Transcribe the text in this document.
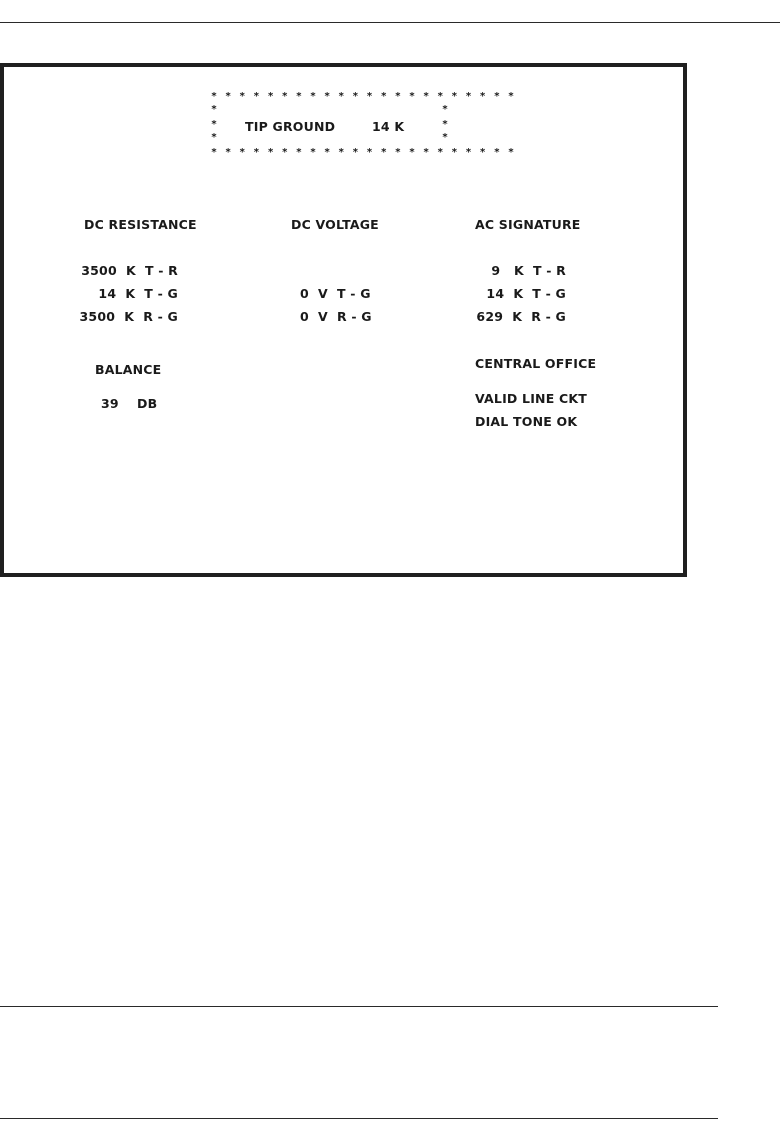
* * * * * * * * * * * * * * * * * * * * * *
*
*
*
*
*
*
* * * * * * * * * * * * * * * * * * * * * *
TIP GROUND	14 K
DC RESISTANCE
3500  K  T - R
14  K  T - G
3500  K  R - G
DC VOLTAGE
0  V  T - G
0  V  R - G
AC SIGNATURE
9   K  T - R
14  K  T - G
629  K  R - G
BALANCE
39    DB
CENTRAL OFFICE
VALID LINE CKT
DIAL TONE OK
